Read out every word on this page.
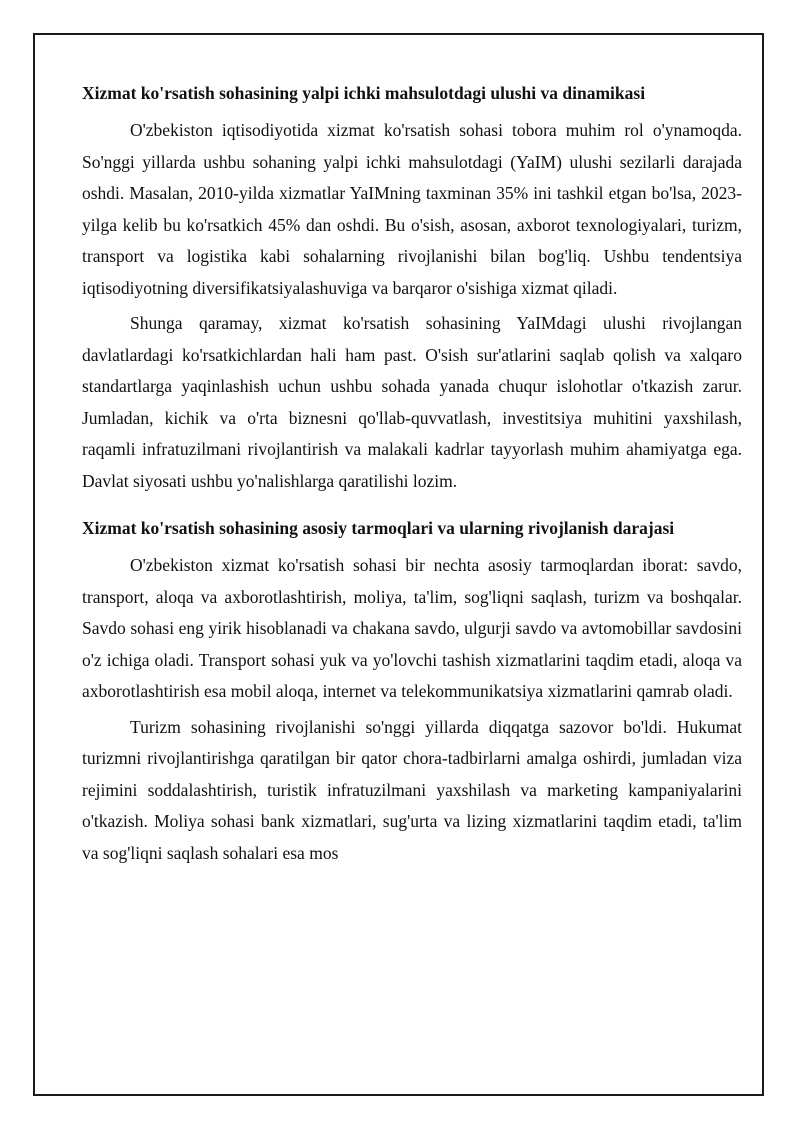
Xizmat ko'rsatish sohasining yalpi ichki mahsulotdagi ulushi va dinamikasi

O'zbekiston iqtisodiyotida xizmat ko'rsatish sohasi tobora muhim rol o'ynamoqda. So'nggi yillarda ushbu sohaning yalpi ichki mahsulotdagi (YaIM) ulushi sezilarli darajada oshdi. Masalan, 2010-yilda xizmatlar YaIMning taxminan 35% ini tashkil etgan bo'lsa, 2023-yilga kelib bu ko'rsatkich 45% dan oshdi. Bu o'sish, asosan, axborot texnologiyalari, turizm, transport va logistika kabi sohalarning rivojlanishi bilan bog'liq. Ushbu tendentsiya iqtisodiyotning diversifikatsiyalashuviga va barqaror o'sishiga xizmat qiladi.

Shunga qaramay, xizmat ko'rsatish sohasining YaIMdagi ulushi rivojlangan davlatlardagi ko'rsatkichlardan hali ham past. O'sish sur'atlarini saqlab qolish va xalqaro standartlarga yaqinlashish uchun ushbu sohada yanada chuqur islohotlar o'tkazish zarur. Jumladan, kichik va o'rta biznesni qo'llab-quvvatlash, investitsiya muhitini yaxshilash, raqamli infratuzilmani rivojlantirish va malakali kadrlar tayyorlash muhim ahamiyatga ega. Davlat siyosati ushbu yo'nalishlarga qaratilishi lozim.

Xizmat ko'rsatish sohasining asosiy tarmoqlari va ularning rivojlanish darajasi

O'zbekiston xizmat ko'rsatish sohasi bir nechta asosiy tarmoqlardan iborat: savdo, transport, aloqa va axborotlashtirish, moliya, ta'lim, sog'liqni saqlash, turizm va boshqalar. Savdo sohasi eng yirik hisoblanadi va chakana savdo, ulgurji savdo va avtomobillar savdosini o'z ichiga oladi. Transport sohasi yuk va yo'lovchi tashish xizmatlarini taqdim etadi, aloqa va axborotlashtirish esa mobil aloqa, internet va telekommunikatsiya xizmatlarini qamrab oladi.

Turizm sohasining rivojlanishi so'nggi yillarda diqqatga sazovor bo'ldi. Hukumat turizmni rivojlantirishga qaratilgan bir qator chora-tadbirlarni amalga oshirdi, jumladan viza rejimini soddalashtirish, turistik infratuzilmani yaxshilash va marketing kampaniyalarini o'tkazish. Moliya sohasi bank xizmatlari, sug'urta va lizing xizmatlarini taqdim etadi, ta'lim va sog'liqni saqlash sohalari esa mos
